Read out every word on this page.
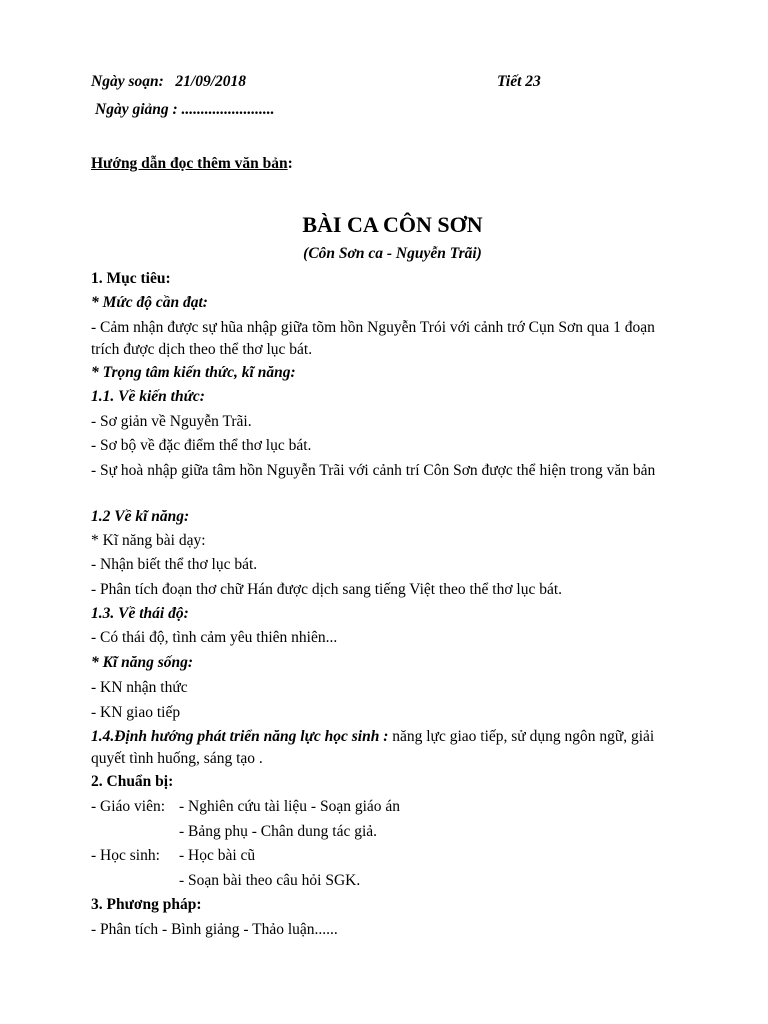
Ngày soạn: 21/09/2018	Tiết 23
Ngày giảng : ........................
Hướng dẫn đọc thêm văn bản:
BÀI CA CÔN SƠN
(Côn Sơn ca - Nguyễn Trãi)
1. Mục tiêu:
* Mức độ cần đạt:
- Cảm nhận được sự hũa nhập giữa tõm hồn Nguyễn Trói với cảnh trớ Cụn Sơn qua 1 đoạn trích được dịch theo thể thơ lục bát.
* Trọng tâm kiến thức, kĩ năng:
1.1. Về kiến thức:
- Sơ giản về Nguyễn Trãi.
- Sơ bộ về đặc điểm thể thơ lục bát.
- Sự hoà nhập giữa tâm hồn Nguyễn Trãi với cảnh trí Côn Sơn được thể hiện trong văn bản
1.2 Về kĩ năng:
* Kĩ năng bài dạy:
- Nhận biết thể thơ lục bát.
- Phân tích đoạn thơ chữ Hán được dịch sang tiếng Việt theo thể thơ lục bát.
1.3. Về thái độ:
- Có thái độ, tình cảm yêu thiên nhiên...
* Kĩ năng sống:
- KN nhận thức
- KN giao tiếp
1.4.Định hướng phát triển năng lực học sinh : năng lực giao tiếp, sử dụng ngôn ngữ, giải quyết tình huống, sáng tạo .
2. Chuẩn bị:
- Giáo viên: - Nghiên cứu tài liệu - Soạn giáo án
- Bảng phụ - Chân dung tác giả.
- Học sinh: - Học bài cũ
- Soạn bài theo câu hỏi SGK.
3. Phương pháp:
- Phân tích - Bình giảng - Thảo luận......
